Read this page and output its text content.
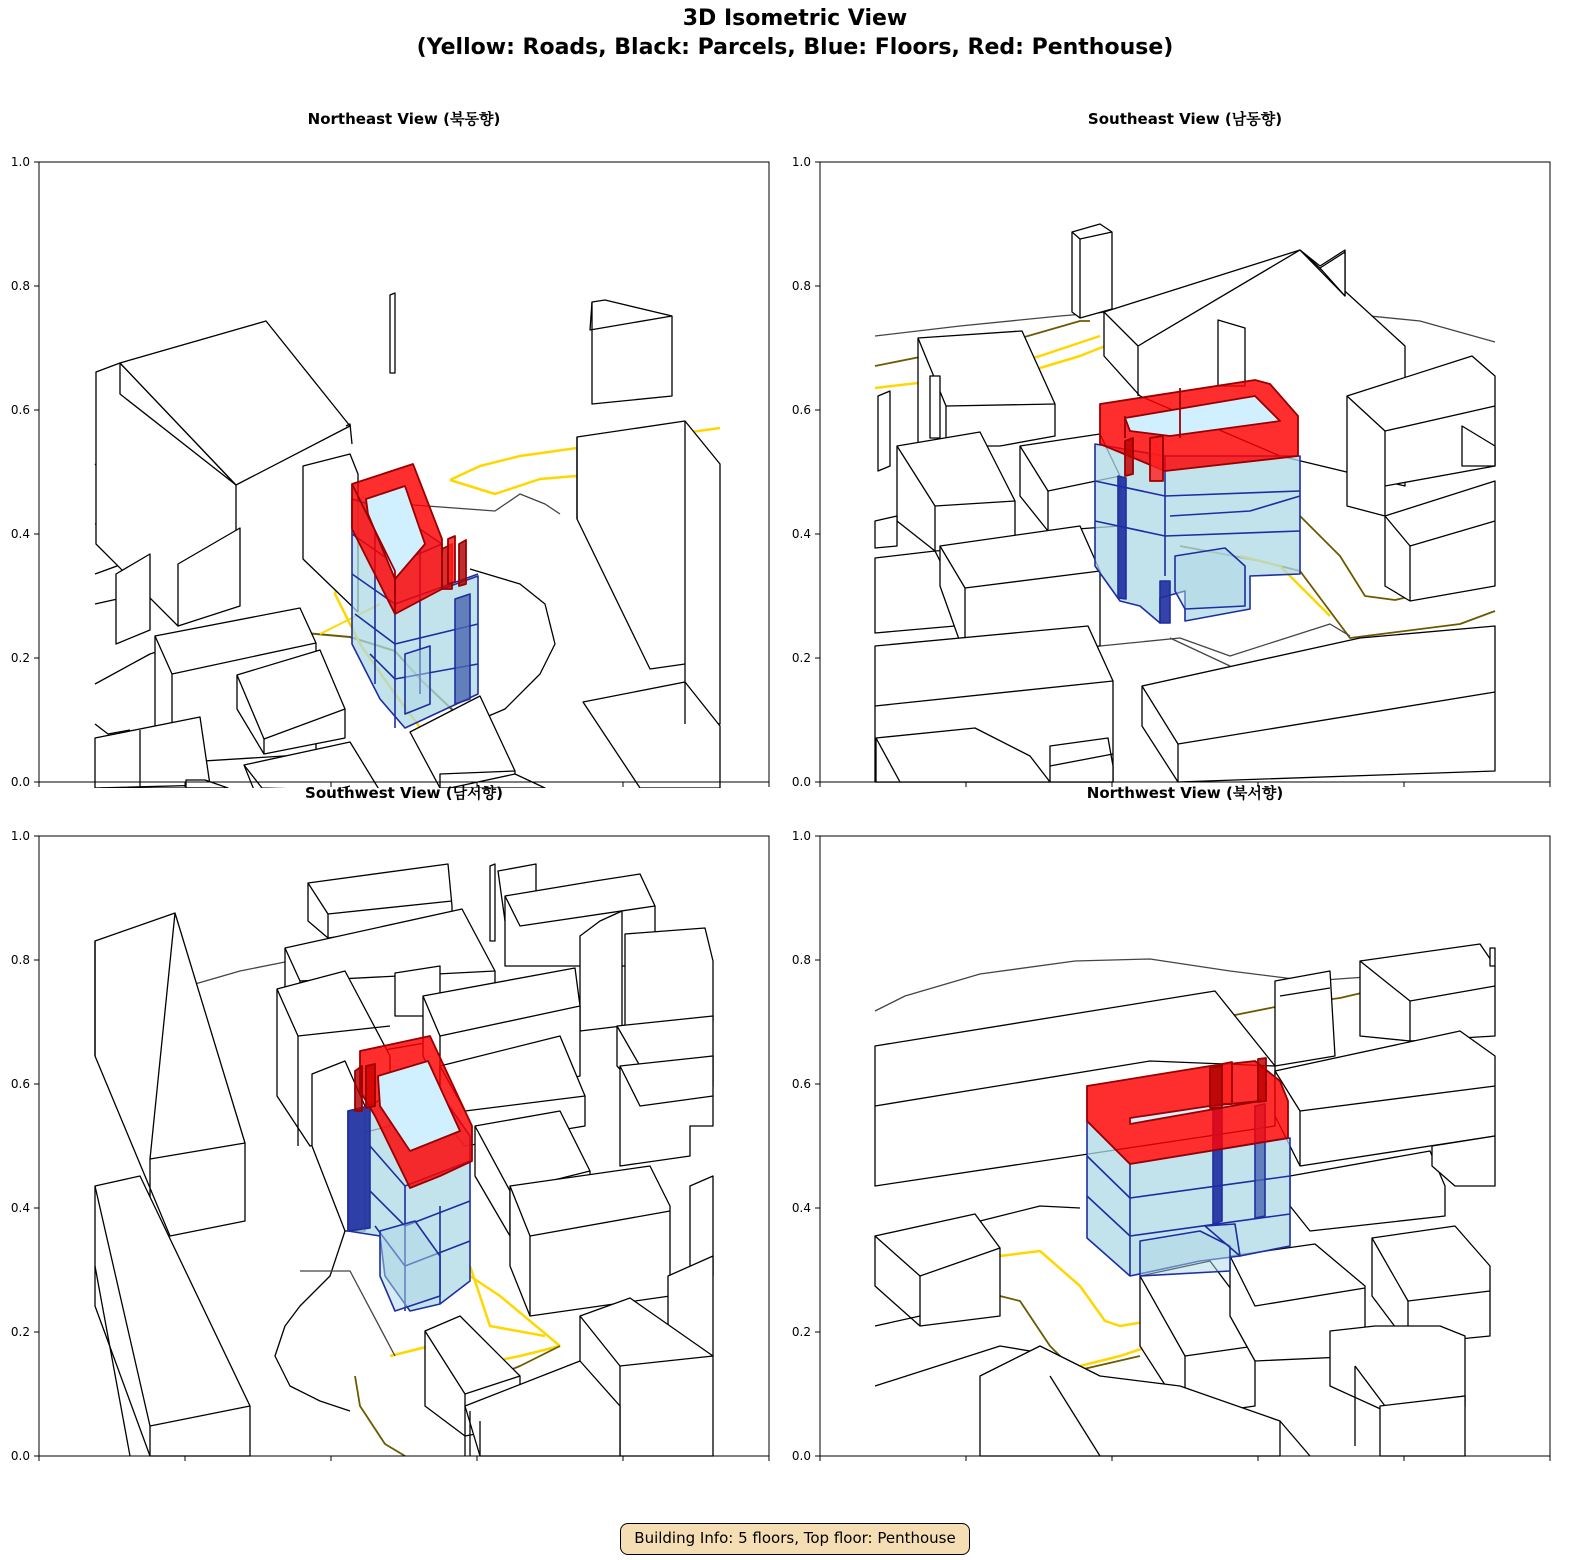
3D Isometric View
(Yellow: Roads, Black: Parcels, Blue: Floors, Red: Penthouse)
Northeast View (북동향)
0.0
0.2
0.4
0.6
0.8
1.0
Southeast View (남동향)
0.0
0.2
0.4
0.6
0.8
1.0
Southwest View (남서향)
0.0
0.2
0.4
0.6
0.8
1.0
Northwest View (북서향)
0.0
0.2
0.4
0.6
0.8
1.0
Building Info: 5 floors, Top floor: Penthouse
